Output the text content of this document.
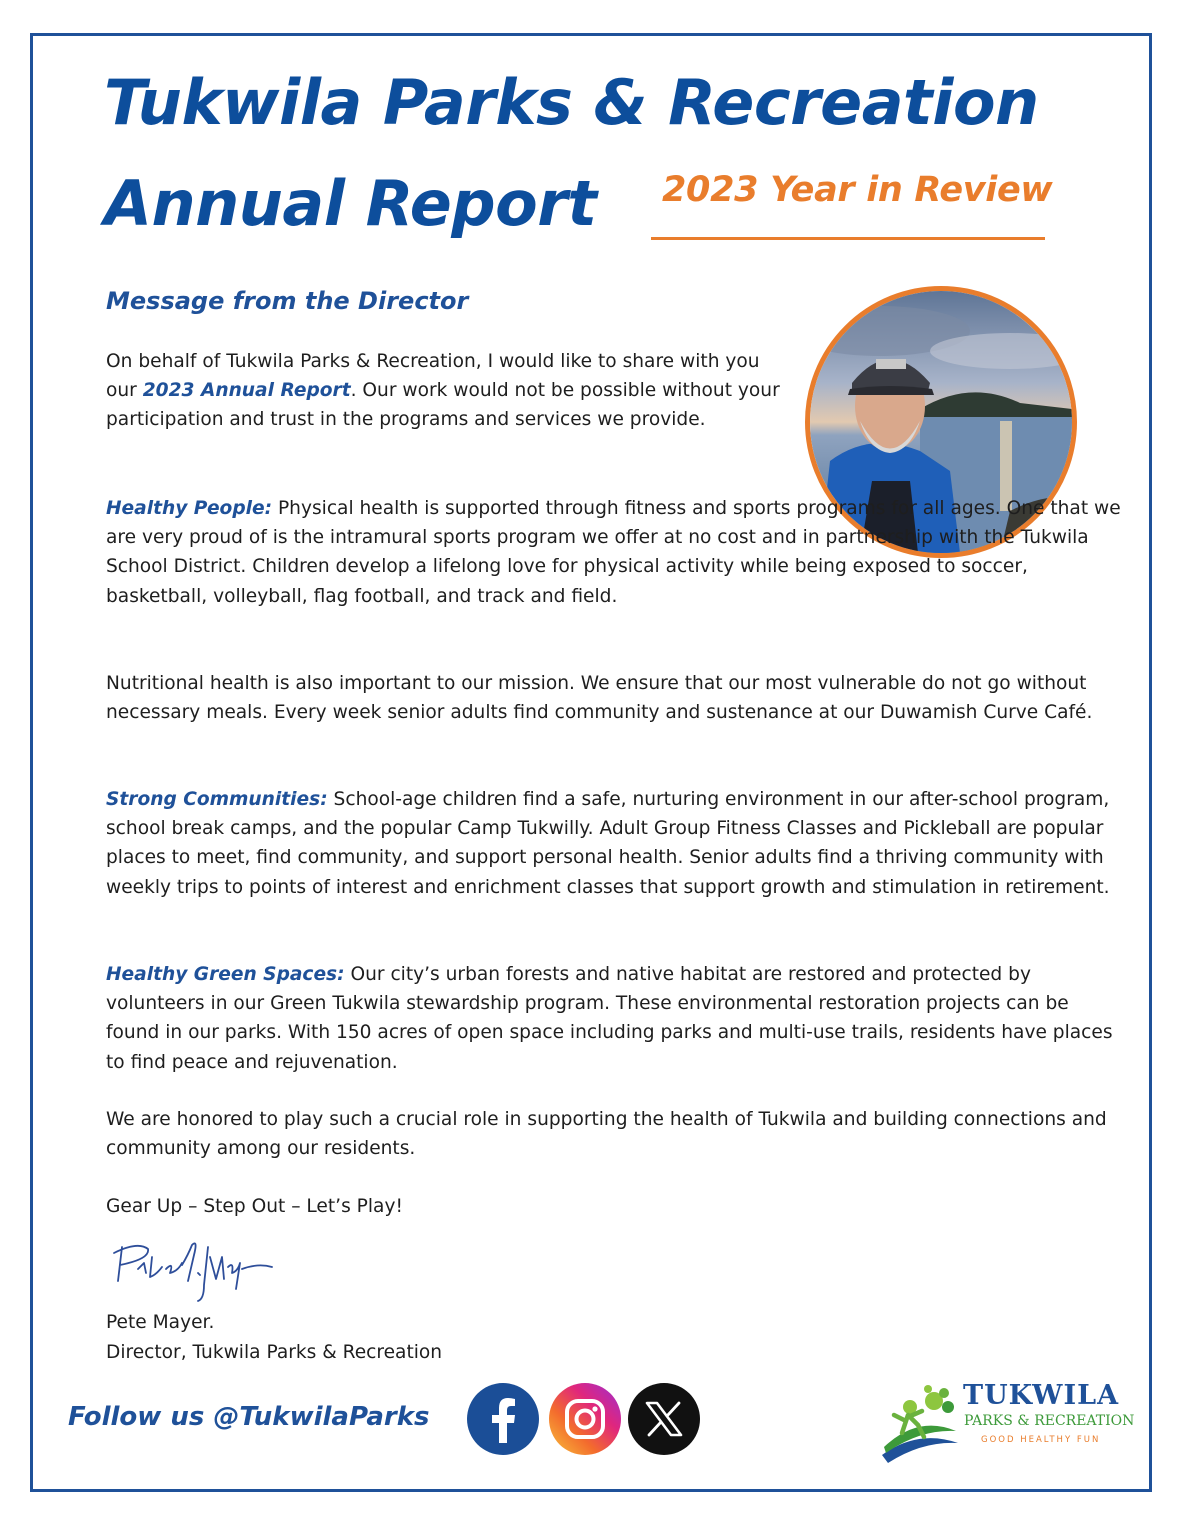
Tukwila Parks & Recreation
Annual Report 2023 Year in Review
Message from the Director

On behalf of Tukwila Parks & Recreation, I would like to share with you our 2023 Annual Report. Our work would not be possible without your participation and trust in the programs and services we provide.

Healthy People: Physical health is supported through fitness and sports programs for all ages. One that we are very proud of is the intramural sports program we offer at no cost and in partnership with the Tukwila School District. Children develop a lifelong love for physical activity while being exposed to soccer, basketball, volleyball, flag football, and track and field.

Nutritional health is also important to our mission. We ensure that our most vulnerable do not go without necessary meals. Every week senior adults find community and sustenance at our Duwamish Curve Café.

Strong Communities: School-age children find a safe, nurturing environment in our after-school program, school break camps, and the popular Camp Tukwilly. Adult Group Fitness Classes and Pickleball are popular places to meet, find community, and support personal health. Senior adults find a thriving community with weekly trips to points of interest and enrichment classes that support growth and stimulation in retirement.

Healthy Green Spaces: Our city’s urban forests and native habitat are restored and protected by volunteers in our Green Tukwila stewardship program. These environmental restoration projects can be found in our parks. With 150 acres of open space including parks and multi-use trails, residents have places to find peace and rejuvenation.

We are honored to play such a crucial role in supporting the health of Tukwila and building connections and community among our residents.

Gear Up – Step Out – Let’s Play!

Pete Mayer.

Director, Tukwila Parks & Recreation

Follow us @TukwilaParks
TUKWILA
PARKS & RECREATION
GOOD HEALTHY FUN
